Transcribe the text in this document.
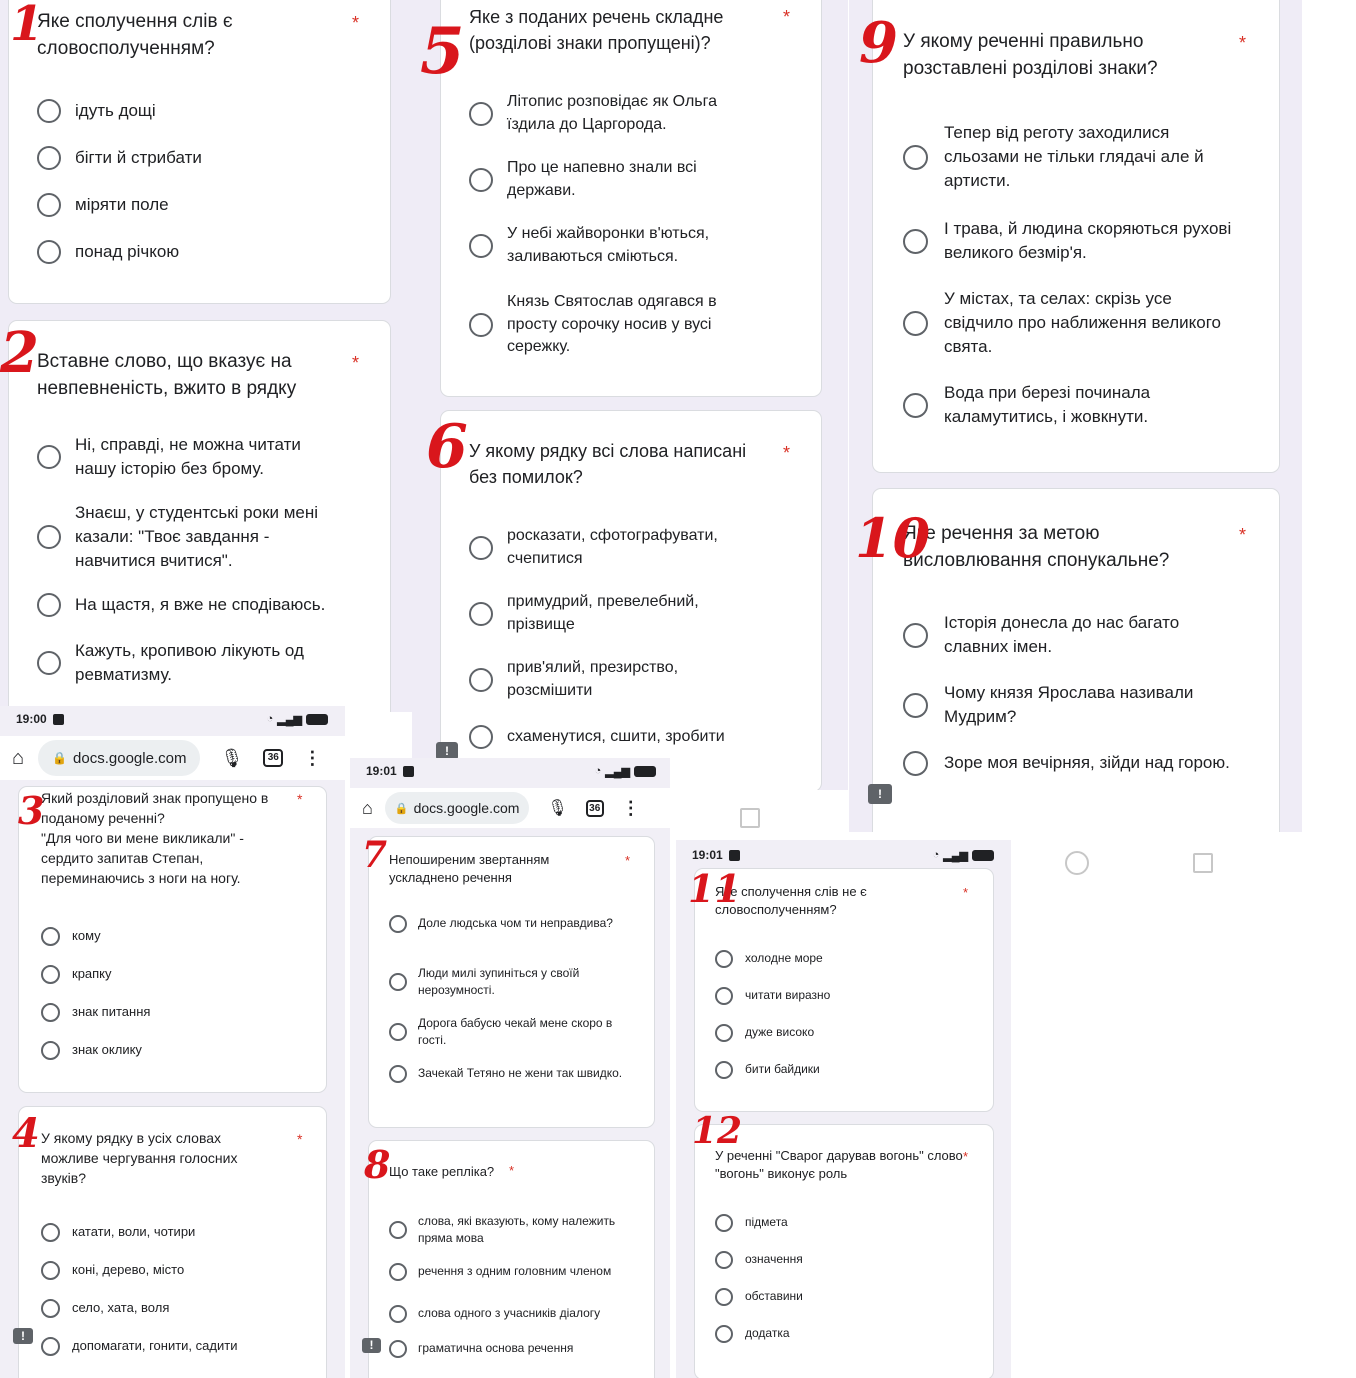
Яке сполучення слів є словосполученням?
*
ідуть дощі
бігти й стрибати
міряти поле
понад річкою
1
Вставне слово, що вказує на невпевненість, вжито в рядку
*
Ні, справді, не можна читати нашу історію без брому.
Знаєш, у студентські роки мені казали: "Твоє завдання - навчитися вчитися".
На щастя, я вже не сподіваюсь.
Кажуть, кропивою лікують од ревматизму.
2
Яке з поданих речень складне (розділові знаки пропущені)?
*
Літопис розповідає як Ольга їздила до Царгорода.
Про це напевно знали всі держави.
У небі жайворонки в'ються, заливаються сміються.
Князь Святослав одягався в просту сорочку носив у вусі сережку.
5
У якому рядку всі слова написані без помилок?
*
росказати, сфотографувати, счепитися
примудрий, превелебний, прізвище
прив'ялий, презирство, розсмішити
схаменутися, сшити, зробити
6
!
У якому реченні правильно розставлені розділові знаки?
*
Тепер від реготу заходилися сльозами не тільки глядачі але й артисти.
І трава, й людина скоряються рухові великого безмір'я.
У містах, та селах: скрізь усе свідчило про наближення великого свята.
Вода при березі починала каламутитись, і жовкнути.
9
Яке речення за метою висловлювання спонукальне?
*
Історія донесла до нас багато славних імен.
Чому князя Ярослава називали Мудрим?
Зоре моя вечірняя, зійди над горою.
10
!
19:00	◔ ▂▄▆
⌂ 🔒 docs.google.com 🎙	36 ⋮
Який розділовий знак пропущено в поданому реченні?
"Для чого ви мене викликали" - сердито запитав Степан, переминаючись з ноги на ногу.
*
кому
крапку
знак питання
знак оклику
3
У якому рядку в усіх словах можливе чергування голосних звуків?
*
катати, воли, чотири
коні, дерево, місто
село, хата, воля
допомагати, гонити, садити
4
!
19:01	◔ ▂▄▆
⌂ 🔒 docs.google.com 🎙	36 ⋮
Непоширеним звертанням ускладнено речення
*
Доле людська чом ти неправдива?
Люди милі зупиніться у своїй нерозумності.
Дорога бабусю чекай мене скоро в гості.
Зачекай Тетяно не жени так швидко.
7
Що таке репліка? *
слова, які вказують, кому належить пряма мова
речення з одним головним членом
слова одного з учасників діалогу
граматична основа речення
8
!
19:01	◔ ▂▄▆
Яке сполучення слів не є словосполученням?
*
холодне море
читати виразно
дуже високо
бити байдики
11
У реченні "Сварог дарував вогонь" слово "вогонь" виконує роль
*
підмета
означення
обставини
додатка
12
